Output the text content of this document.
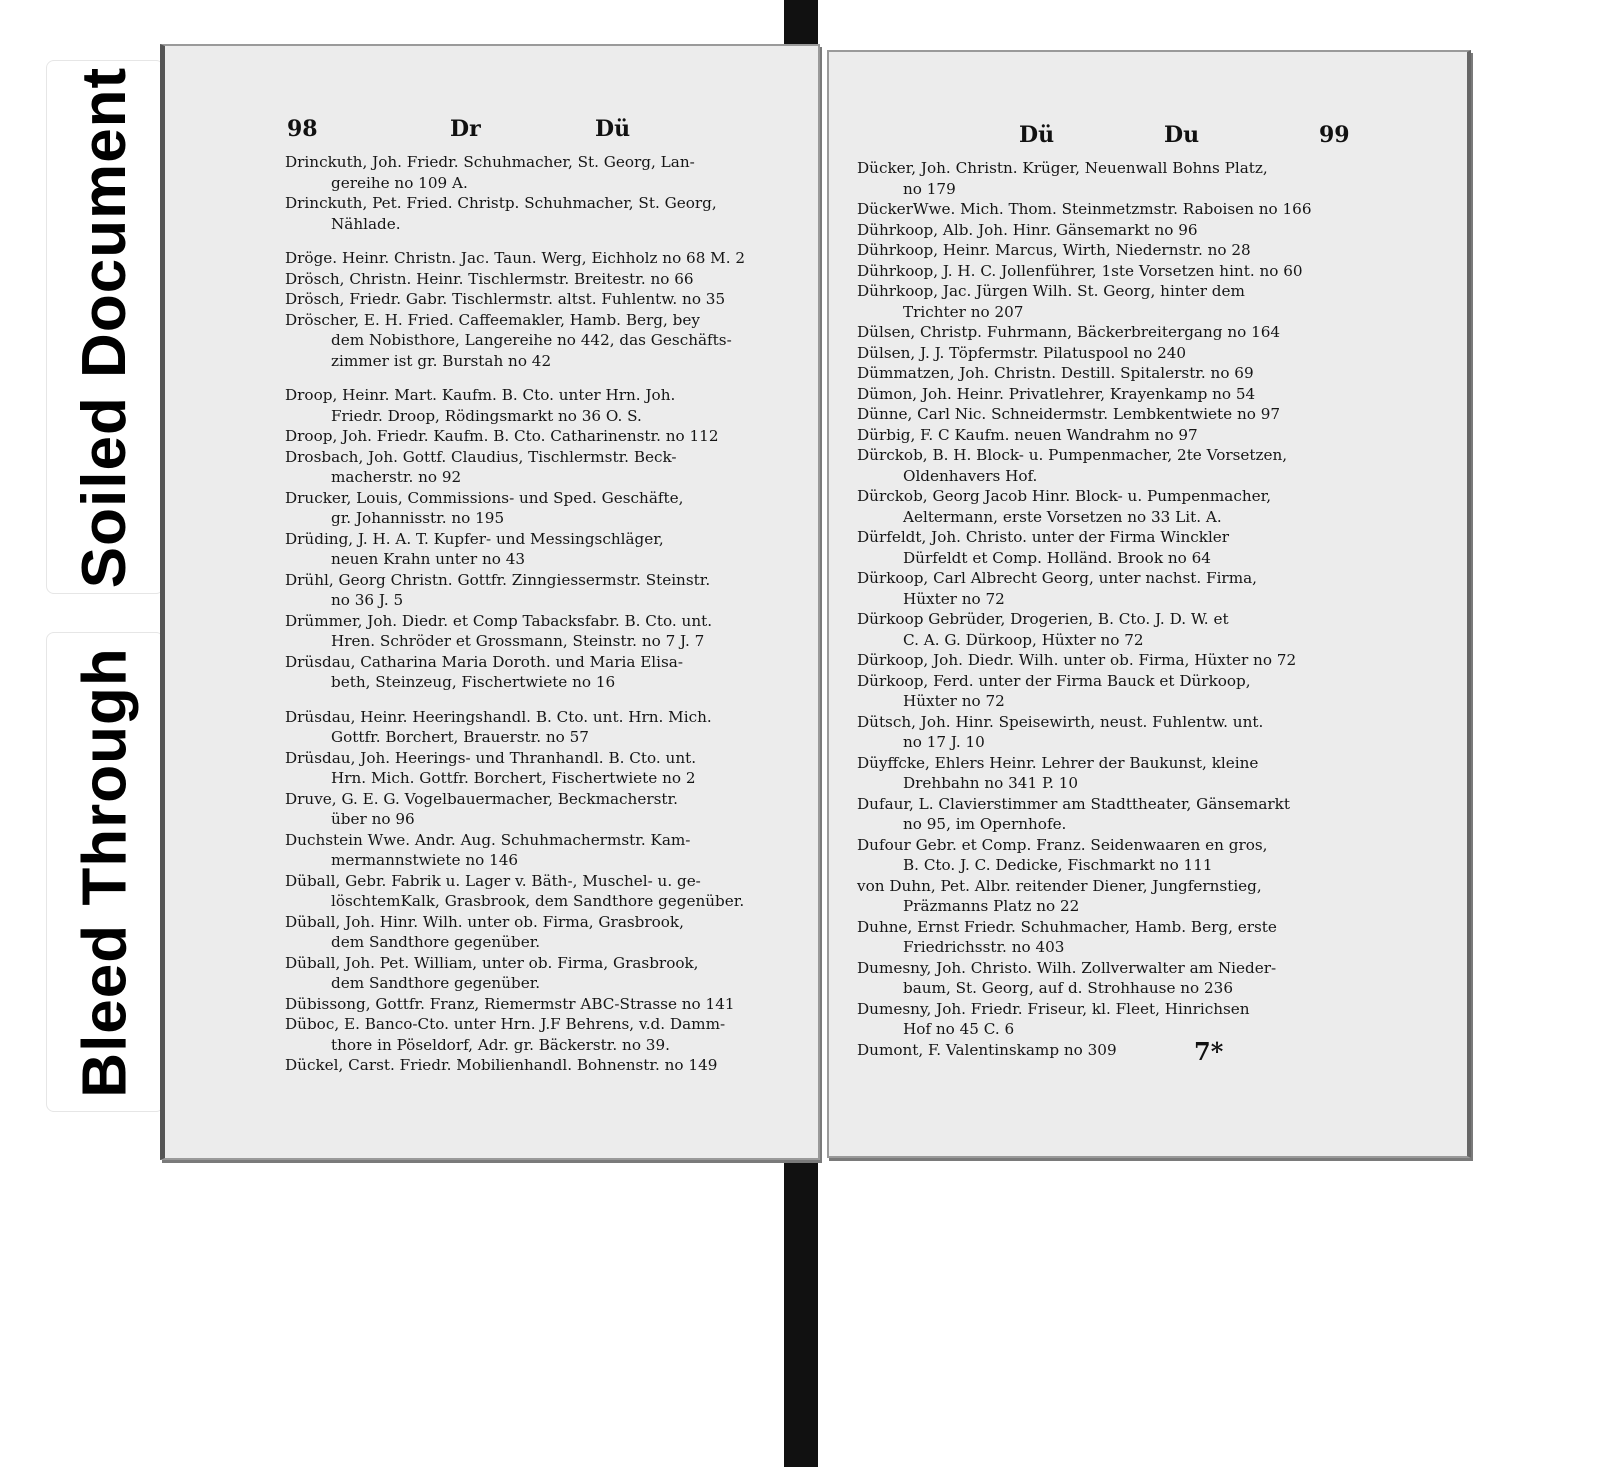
Soiled Document
Bleed Through
98	Dr	Dü
Drinckuth, Joh. Friedr. Schuhmacher, St. Georg, Lan-
gereihe no 109 A.
Drinckuth, Pet. Fried. Christp. Schuhmacher, St. Georg,
Nählade.
Dröge. Heinr. Christn. Jac. Taun. Werg, Eichholz no 68 M. 2
Drösch, Christn. Heinr. Tischlermstr. Breitestr. no 66
Drösch, Friedr. Gabr. Tischlermstr. altst. Fuhlentw. no 35
Dröscher, E. H. Fried. Caffeemakler, Hamb. Berg, bey
dem Nobisthore, Langereihe no 442, das Geschäfts- zimmer ist gr. Burstah no 42
Droop, Heinr. Mart. Kaufm. B. Cto. unter Hrn. Joh.
Friedr. Droop, Rödingsmarkt no 36 O. S.
Droop, Joh. Friedr. Kaufm. B. Cto. Catharinenstr. no 112
Drosbach, Joh. Gottf. Claudius, Tischlermstr. Beck-
macherstr. no 92
Drucker, Louis, Commissions- und Sped. Geschäfte,
gr. Johannisstr. no 195
Drüding, J. H. A. T. Kupfer- und Messingschläger,
neuen Krahn unter no 43
Drühl, Georg Christn. Gottfr. Zinngiessermstr. Steinstr.
no 36 J. 5
Drümmer, Joh. Diedr. et Comp Tabacksfabr. B. Cto. unt.
Hren. Schröder et Grossmann, Steinstr. no 7 J. 7
Drüsdau, Catharina Maria Doroth. und Maria Elisa-
beth, Steinzeug, Fischertwiete no 16
Drüsdau, Heinr. Heeringshandl. B. Cto. unt. Hrn. Mich.
Gottfr. Borchert, Brauerstr. no 57
Drüsdau, Joh. Heerings- und Thranhandl. B. Cto. unt.
Hrn. Mich. Gottfr. Borchert, Fischertwiete no 2
Druve, G. E. G. Vogelbauermacher, Beckmacherstr.
über no 96
Duchstein Wwe. Andr. Aug. Schuhmachermstr. Kam-
mermannstwiete no 146
Düball, Gebr. Fabrik u. Lager v. Bäth-, Muschel- u. ge-
löschtemKalk, Grasbrook, dem Sandthore gegenüber.
Düball, Joh. Hinr. Wilh. unter ob. Firma, Grasbrook,
dem Sandthore gegenüber.
Düball, Joh. Pet. William, unter ob. Firma, Grasbrook,
dem Sandthore gegenüber.
Dübissong, Gottfr. Franz, Riemermstr ABC-Strasse no 141
Düboc, E. Banco-Cto. unter Hrn. J.F Behrens, v.d. Damm-
thore in Pöseldorf, Adr. gr. Bäckerstr. no 39.
Dückel, Carst. Friedr. Mobilienhandl. Bohnenstr. no 149
Dü	Du	99
Dücker, Joh. Christn. Krüger, Neuenwall Bohns Platz,
no 179
DückerWwe. Mich. Thom. Steinmetzmstr. Raboisen no 166
Dührkoop, Alb. Joh. Hinr. Gänsemarkt no 96
Dührkoop, Heinr. Marcus, Wirth, Niedernstr. no 28
Dührkoop, J. H. C. Jollenführer, 1ste Vorsetzen hint. no 60
Dührkoop, Jac. Jürgen Wilh. St. Georg, hinter dem
Trichter no 207
Dülsen, Christp. Fuhrmann, Bäckerbreitergang no 164
Dülsen, J. J. Töpfermstr. Pilatuspool no 240
Dümmatzen, Joh. Christn. Destill. Spitalerstr. no 69
Dümon, Joh. Heinr. Privatlehrer, Krayenkamp no 54
Dünne, Carl Nic. Schneidermstr. Lembkentwiete no 97
Dürbig, F. C Kaufm. neuen Wandrahm no 97
Dürckob, B. H. Block- u. Pumpenmacher, 2te Vorsetzen,
Oldenhavers Hof.
Dürckob, Georg Jacob Hinr. Block- u. Pumpenmacher,
Aeltermann, erste Vorsetzen no 33 Lit. A.
Dürfeldt, Joh. Christo. unter der Firma Winckler
Dürfeldt et Comp. Holländ. Brook no 64
Dürkoop, Carl Albrecht Georg, unter nachst. Firma,
Hüxter no 72
Dürkoop Gebrüder, Drogerien, B. Cto. J. D. W. et
C. A. G. Dürkoop, Hüxter no 72
Dürkoop, Joh. Diedr. Wilh. unter ob. Firma, Hüxter no 72
Dürkoop, Ferd. unter der Firma Bauck et Dürkoop,
Hüxter no 72
Dütsch, Joh. Hinr. Speisewirth, neust. Fuhlentw. unt.
no 17 J. 10
Düyffcke, Ehlers Heinr. Lehrer der Baukunst, kleine
Drehbahn no 341 P. 10
Dufaur, L. Clavierstimmer am Stadttheater, Gänsemarkt
no 95, im Opernhofe.
Dufour Gebr. et Comp. Franz. Seidenwaaren en gros,
B. Cto. J. C. Dedicke, Fischmarkt no 111
von Duhn, Pet. Albr. reitender Diener, Jungfernstieg,
Präzmanns Platz no 22
Duhne, Ernst Friedr. Schuhmacher, Hamb. Berg, erste
Friedrichsstr. no 403
Dumesny, Joh. Christo. Wilh. Zollverwalter am Nieder-
baum, St. Georg, auf d. Strohhause no 236
Dumesny, Joh. Friedr. Friseur, kl. Fleet, Hinrichsen
Hof no 45 C. 6
Dumont, F. Valentinskamp no 309	7*
